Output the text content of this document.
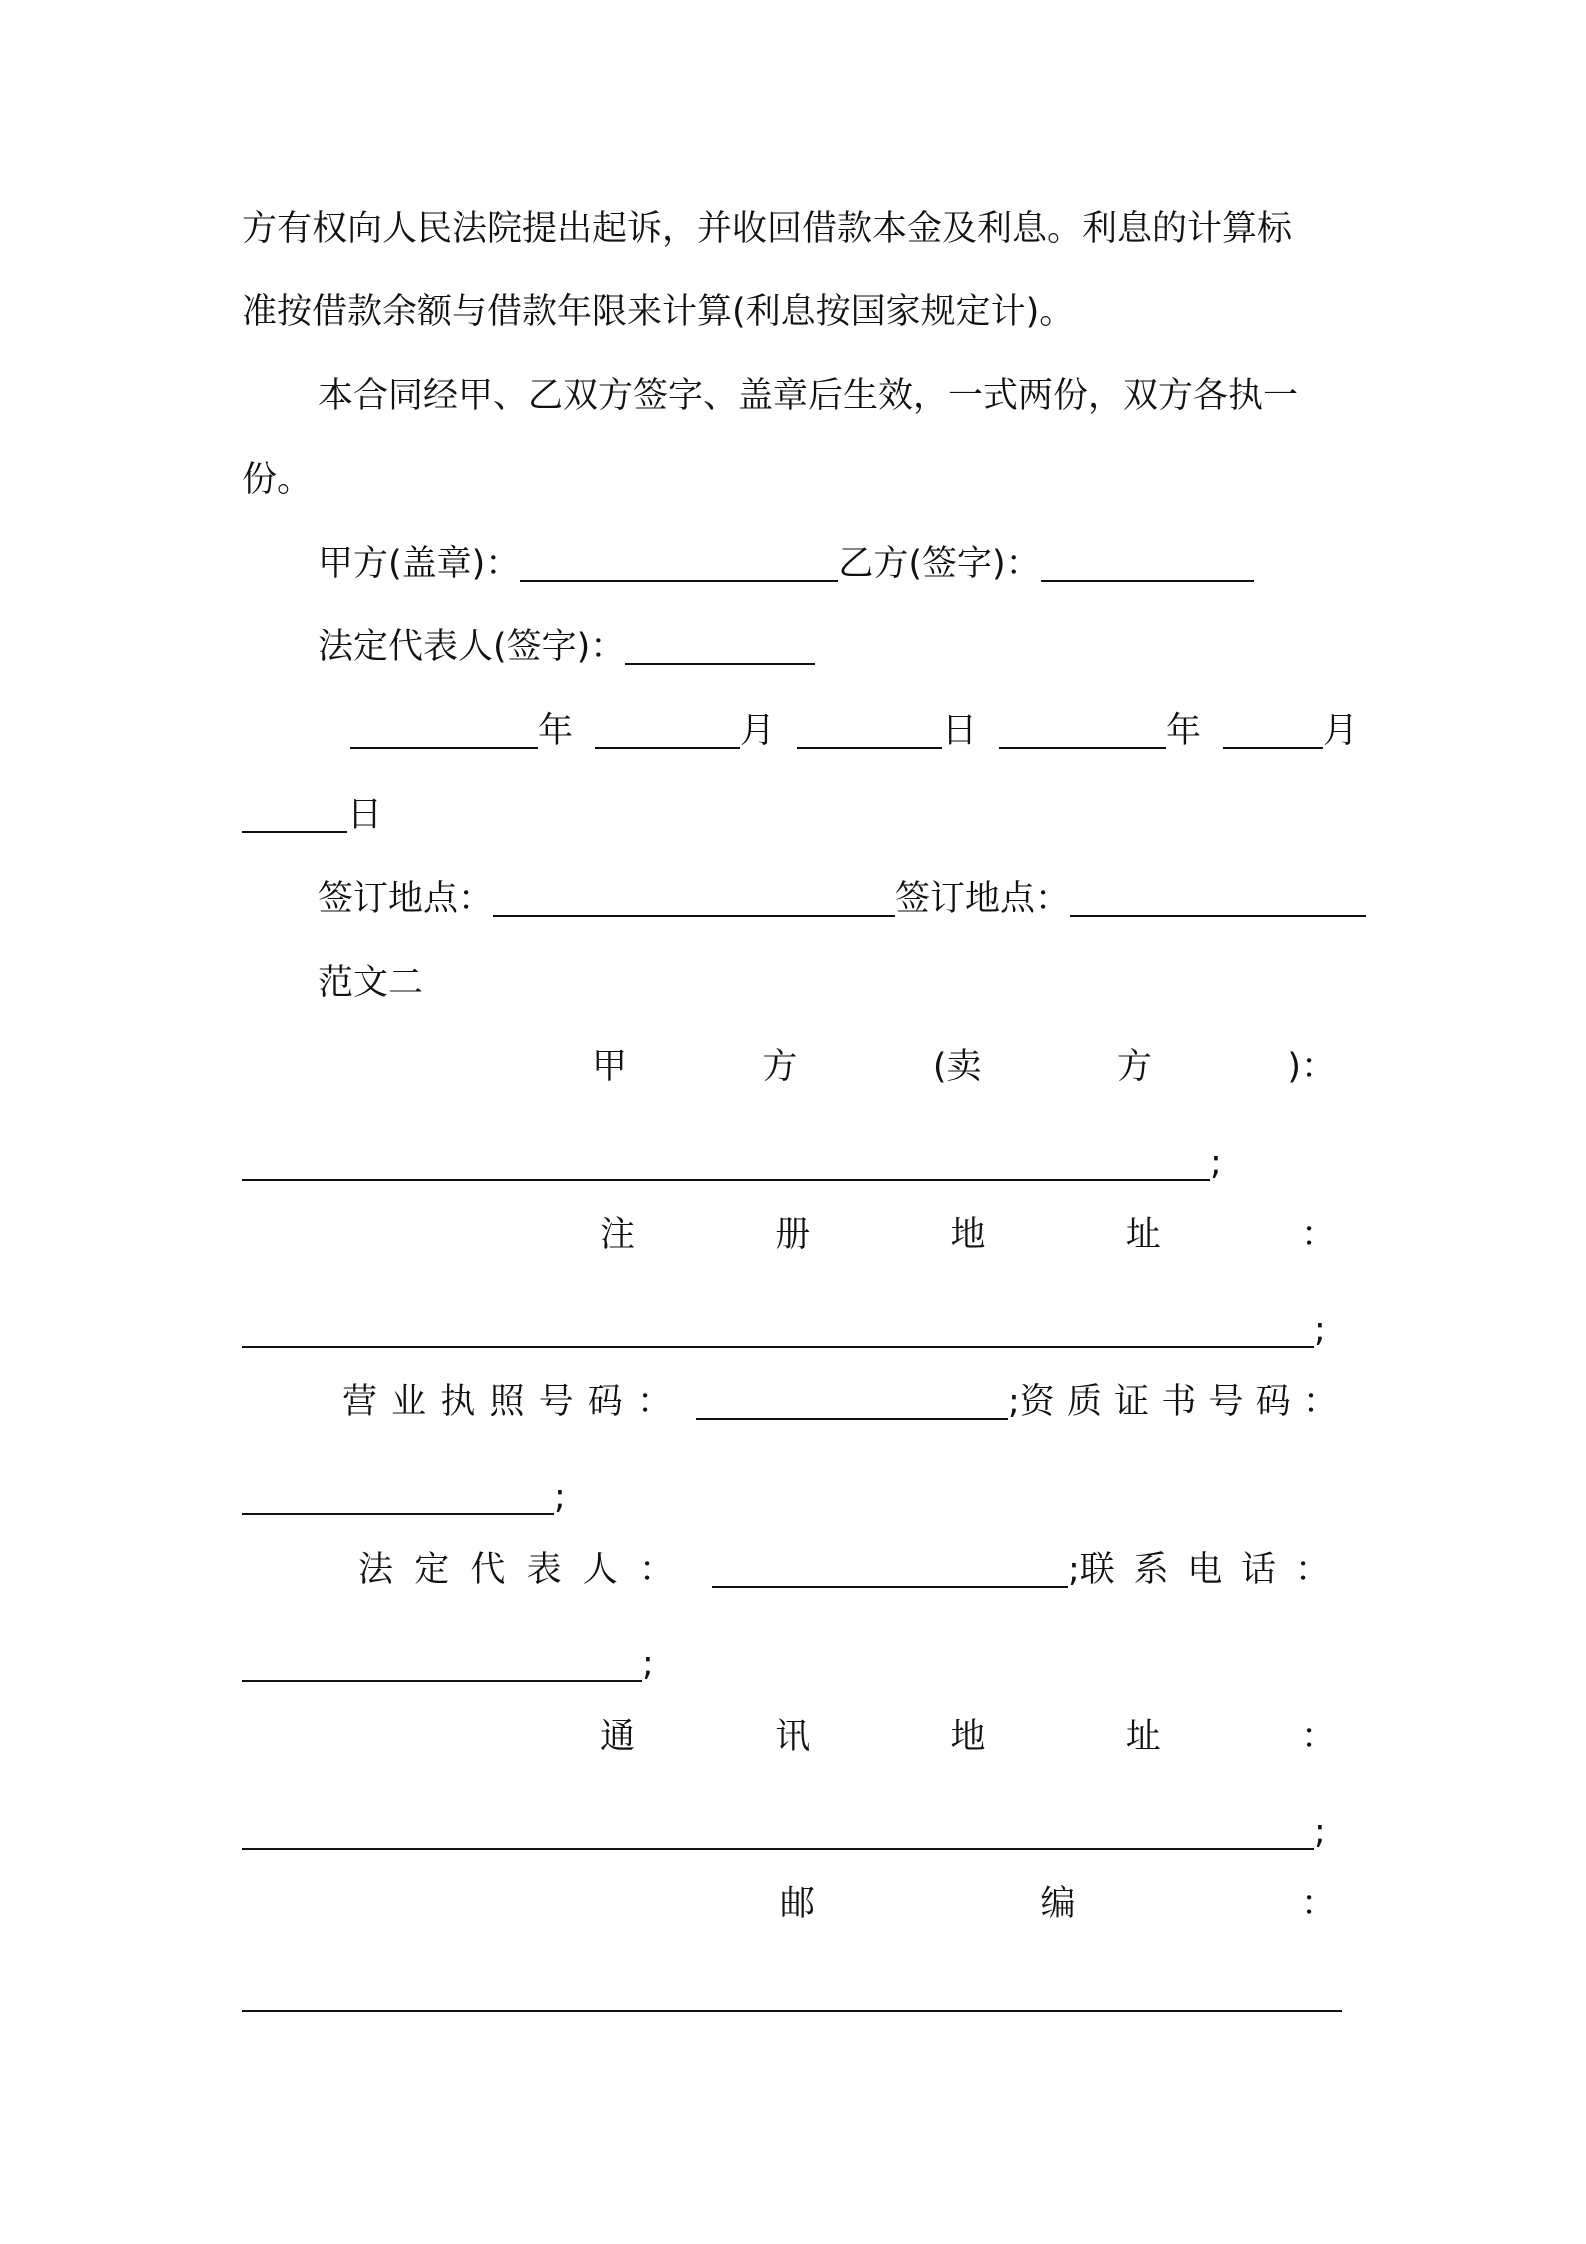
方有权向人民法院提出起诉，并收回借款本金及利息。利息的计算标
准按借款余额与借款年限来计算(利息按国家规定计)。
本合同经甲、乙双方签字、盖章后生效，一式两份，双方各执一
份。
甲方(盖章)：	乙方(签字)：
法定代表人(签字)：
年	月	日	年	月
日
签订地点：	签订地点：
范文二
甲	方	(卖	方	)：
;
注	册	地	址	：
;
营 业 执 照 号 码 ：	;资 质 证 书 号 码 ：
;
法 定 代 表 人 ：	;联 系 电 话 ：
;
通	讯	地	址	：
;
邮	编	：
